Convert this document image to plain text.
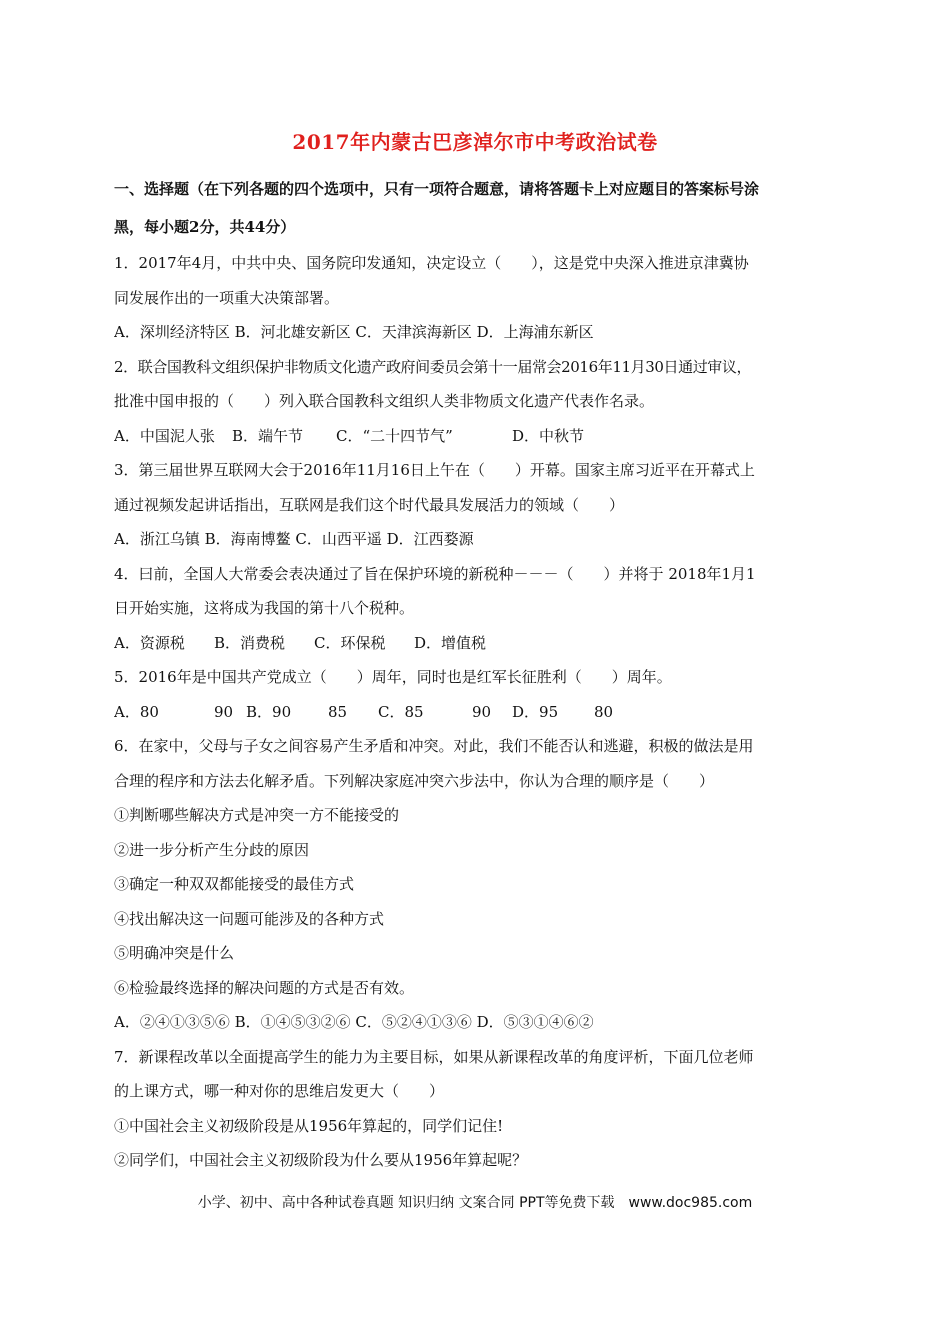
2017年内蒙古巴彦淖尔市中考政治试卷
一、选择题（在下列各题的四个选项中，只有一项符合题意，请将答题卡上对应题目的答案标号涂
黑，每小题2分，共44分）
1．2017年4月，中共中央、国务院印发通知，决定设立（　　），这是党中央深入推进京津冀协
同发展作出的一项重大决策部署。
A．深圳经济特区 B．河北雄安新区 C．天津滨海新区 D．上海浦东新区
2．联合国教科文组织保护非物质文化遗产政府间委员会第十一届常会2016年11月30日通过审议，
批准中国申报的（　　）列入联合国教科文组织人类非物质文化遗产代表作名录。
A．中国泥人张	B．端午节	C．“二十四节气”	D．中秋节
3．第三届世界互联网大会于2016年11月16日上午在（　　）开幕。国家主席习近平在开幕式上
通过视频发起讲话指出，互联网是我们这个时代最具发展活力的领域（　　）
A．浙江乌镇 B．海南博鳌 C．山西平遥 D．江西婺源
4．曰前，全国人大常委会表决通过了旨在保护环境的新税种－－－（　　）并将于 2018年1月1
日开始实施，这将成为我国的第十八个税种。
A．资源税	B．消费税	C．环保税	D．增值税
5．2016年是中国共产党成立（　　）周年，同时也是红军长征胜利（　　）周年。
A．80	90 B．90	85	C．85	90	D．95	80
6．在家中，父母与子女之间容易产生矛盾和冲突。对此，我们不能否认和逃避，积极的做法是用
合理的程序和方法去化解矛盾。下列解决家庭冲突六步法中，你认为合理的顺序是（　　）
①判断哪些解决方式是冲突一方不能接受的
②进一步分析产生分歧的原因
③确定一种双双都能接受的最佳方式
④找出解决这一问题可能涉及的各种方式
⑤明确冲突是什么
⑥检验最终选择的解决问题的方式是否有效。
A．②④①③⑤⑥ B．①④⑤③②⑥ C．⑤②④①③⑥ D．⑤③①④⑥②
7．新课程改革以全面提高学生的能力为主要目标，如果从新课程改革的角度评析，下面几位老师
的上课方式，哪一种对你的思维启发更大（　　）
①中国社会主义初级阶段是从1956年算起的，同学们记住!
②同学们，中国社会主义初级阶段为什么要从1956年算起呢？
小学、初中、高中各种试卷真题 知识归纳 文案合同 PPT等免费下载　www.doc985.com
